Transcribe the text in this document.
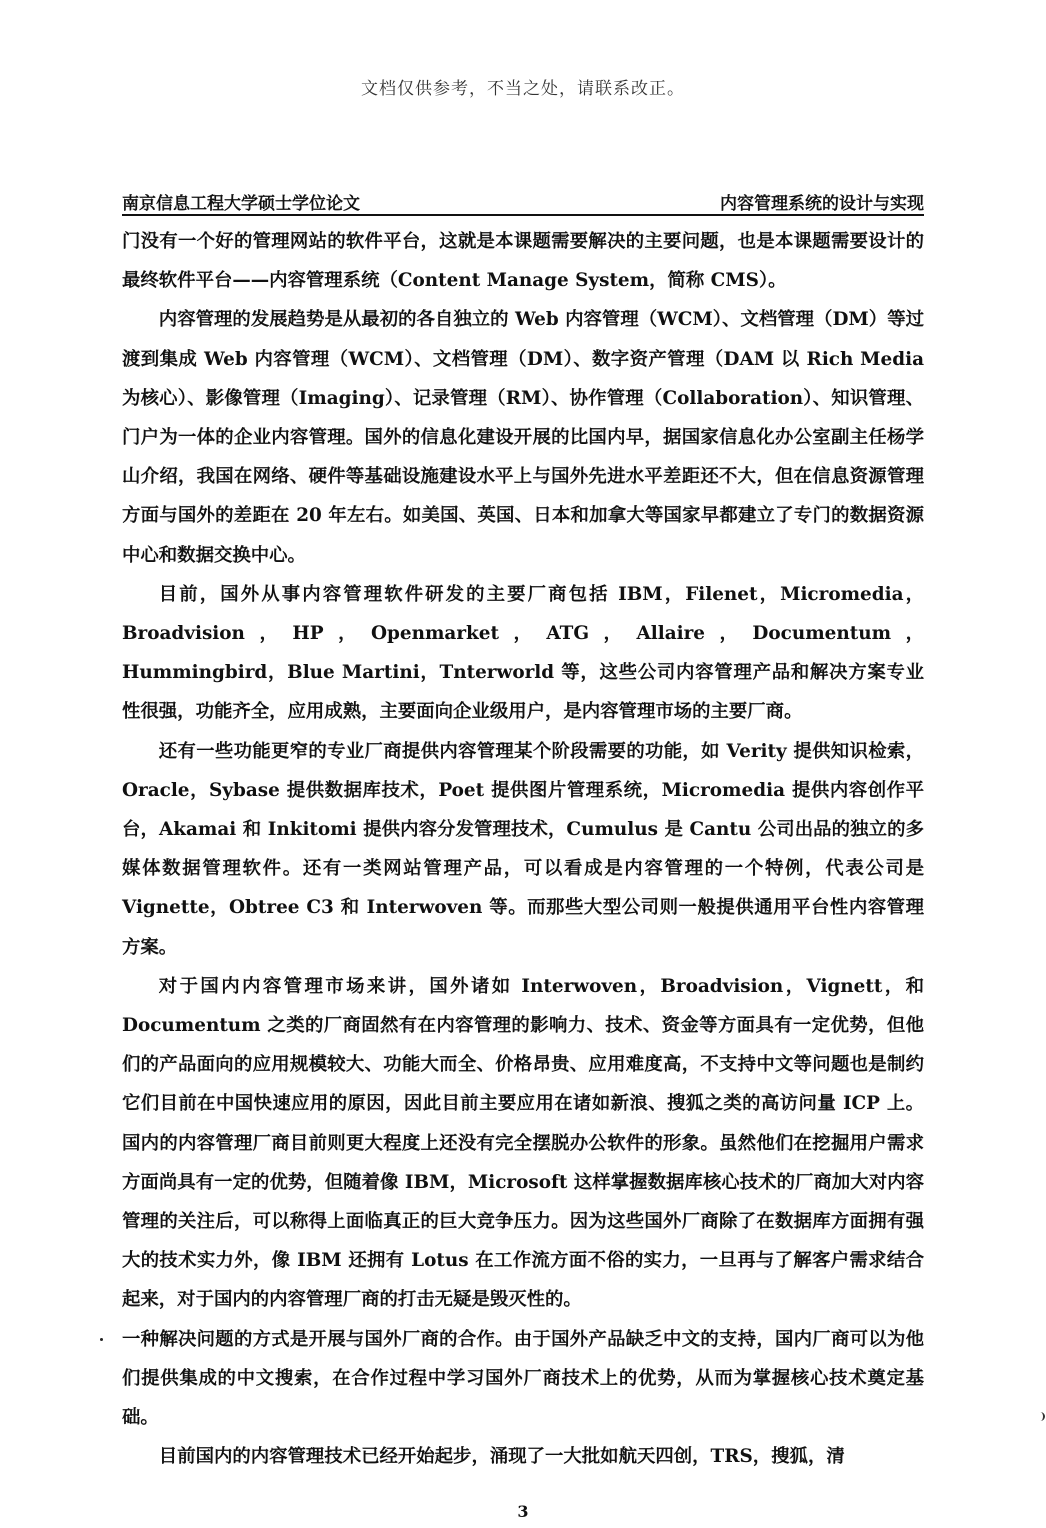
文档仅供参考，不当之处，请联系改正。
南京信息工程大学硕士学位论文	内容管理系统的设计与实现

门没有一个好的管理网站的软件平台，这就是本课题需要解决的主要问题，也是本课题需要设计的最终软件平台——内容管理系统（Content Manage System，简称 CMS）。

内容管理的发展趋势是从最初的各自独立的 Web 内容管理（WCM）、文档管理（DM）等过渡到集成 Web 内容管理（WCM）、文档管理（DM）、数字资产管理（DAM 以 Rich Media 为核心）、影像管理（Imaging）、记录管理（RM）、协作管理（Collaboration）、知识管理、门户为一体的企业内容管理。国外的信息化建设开展的比国内早，据国家信息化办公室副主任杨学山介绍，我国在网络、硬件等基础设施建设水平上与国外先进水平差距还不大，但在信息资源管理方面与国外的差距在 20 年左右。如美国、英国、日本和加拿大等国家早都建立了专门的数据资源中心和数据交换中心。

目前，国外从事内容管理软件研发的主要厂商包括 IBM，Filenet，Micromedia，Broadvision，HP，Openmarket，ATG，Allaire，Documentum，Hummingbird，Blue Martini，Tnterworld 等，这些公司内容管理产品和解决方案专业性很强，功能齐全，应用成熟，主要面向企业级用户，是内容管理市场的主要厂商。

还有一些功能更窄的专业厂商提供内容管理某个阶段需要的功能，如 Verity 提供知识检索，Oracle，Sybase 提供数据库技术，Poet 提供图片管理系统，Micromedia 提供内容创作平台，Akamai 和 Inkitomi 提供内容分发管理技术，Cumulus 是 Cantu 公司出品的独立的多媒体数据管理软件。还有一类网站管理产品，可以看成是内容管理的一个特例，代表公司是 Vignette，Obtree C3 和 Interwoven 等。而那些大型公司则一般提供通用平台性内容管理方案。

对于国内内容管理市场来讲，国外诸如 Interwoven，Broadvision，Vignett，和 Documentum 之类的厂商固然有在内容管理的影响力、技术、资金等方面具有一定优势，但他们的产品面向的应用规模较大、功能大而全、价格昂贵、应用难度高，不支持中文等问题也是制约它们目前在中国快速应用的原因，因此目前主要应用在诸如新浪、搜狐之类的高访问量 ICP 上。国内的内容管理厂商目前则更大程度上还没有完全摆脱办公软件的形象。虽然他们在挖掘用户需求方面尚具有一定的优势，但随着像 IBM，Microsoft 这样掌握数据库核心技术的厂商加大对内容管理的关注后，可以称得上面临真正的巨大竞争压力。因为这些国外厂商除了在数据库方面拥有强大的技术实力外，像 IBM 还拥有 Lotus 在工作流方面不俗的实力，一旦再与了解客户需求结合起来，对于国内的内容管理厂商的打击无疑是毁灭性的。

一种解决问题的方式是开展与国外厂商的合作。由于国外产品缺乏中文的支持，国内厂商可以为他们提供集成的中文搜索，在合作过程中学习国外厂商技术上的优势，从而为掌握核心技术奠定基础。

目前国内的内容管理技术已经开始起步，涌现了一大批如航天四创，TRS，搜狐，清

3
